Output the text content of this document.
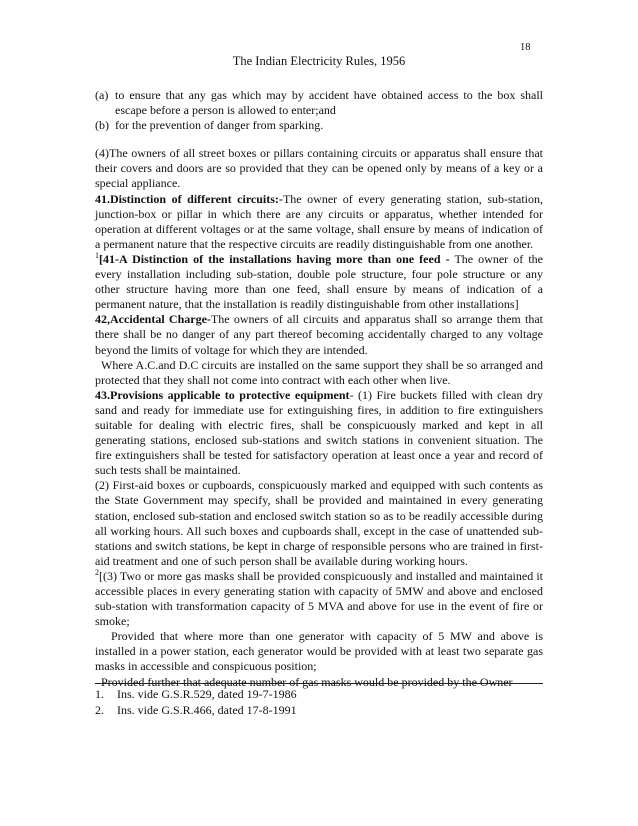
18
The Indian Electricity Rules, 1956
(a) to ensure that any gas which may by accident have obtained access to the box shall escape before a person is allowed to enter;and
(b) for the prevention of danger from sparking.

(4)The owners of all street boxes or pillars containing circuits or apparatus shall ensure that their covers and doors are so provided that they can be opened only by means of a key or a special appliance.

41.Distinction of different circuits:-The owner of every generating station, sub-station, junction-box or pillar in which there are any circuits or apparatus, whether intended for operation at different voltages or at the same voltage, shall ensure by means of indication of a permanent nature that the respective circuits are readily distinguishable from one another.

$^1$[41-A Distinction of the installations having more than one feed - The owner of the every installation including sub-station, double pole structure, four pole structure or any other structure having more than one feed, shall ensure by means of indication of a permanent nature, that the installation is readily distinguishable from other installations]

42,Accidental Charge-The owners of all circuits and apparatus shall so arrange them that there shall be no danger of any part thereof becoming accidentally charged to any voltage beyond the limits of voltage for which they are intended.

Where A.C.and D.C circuits are installed on the same support they shall be so arranged and protected that they shall not come into contract with each other when live.

43.Provisions applicable to protective equipment- (1) Fire buckets filled with clean dry sand and ready for immediate use for extinguishing fires, in addition to fire extinguishers suitable for dealing with electric fires, shall be conspicuously marked and kept in all generating stations, enclosed sub-stations and switch stations in convenient situation. The fire extinguishers shall be tested for satisfactory operation at least once a year and record of such tests shall be maintained.

(2) First-aid boxes or cupboards, conspicuously marked and equipped with such contents as the State Government may specify, shall be provided and maintained in every generating station, enclosed sub-station and enclosed switch station so as to be readily accessible during all working hours. All such boxes and cupboards shall, except in the case of unattended sub-stations and switch stations, be kept in charge of responsible persons who are trained in first-aid treatment and one of such person shall be available during working hours.

$^2$[(3) Two or more gas masks shall be provided conspicuously and installed and maintained it accessible places in every generating station with capacity of 5MW and above and enclosed sub-station with transformation capacity of 5 MVA and above for use in the event of fire or smoke;

Provided that where more than one generator with capacity of 5 MW and above is installed in a power station, each generator would be provided with at least two separate gas masks in accessible and conspicuous position;

Provided further that adequate number of gas masks would be provided by the Owner

1.	Ins. vide G.S.R.529, dated 19-7-1986
2.	Ins. vide G.S.R.466, dated 17-8-1991
